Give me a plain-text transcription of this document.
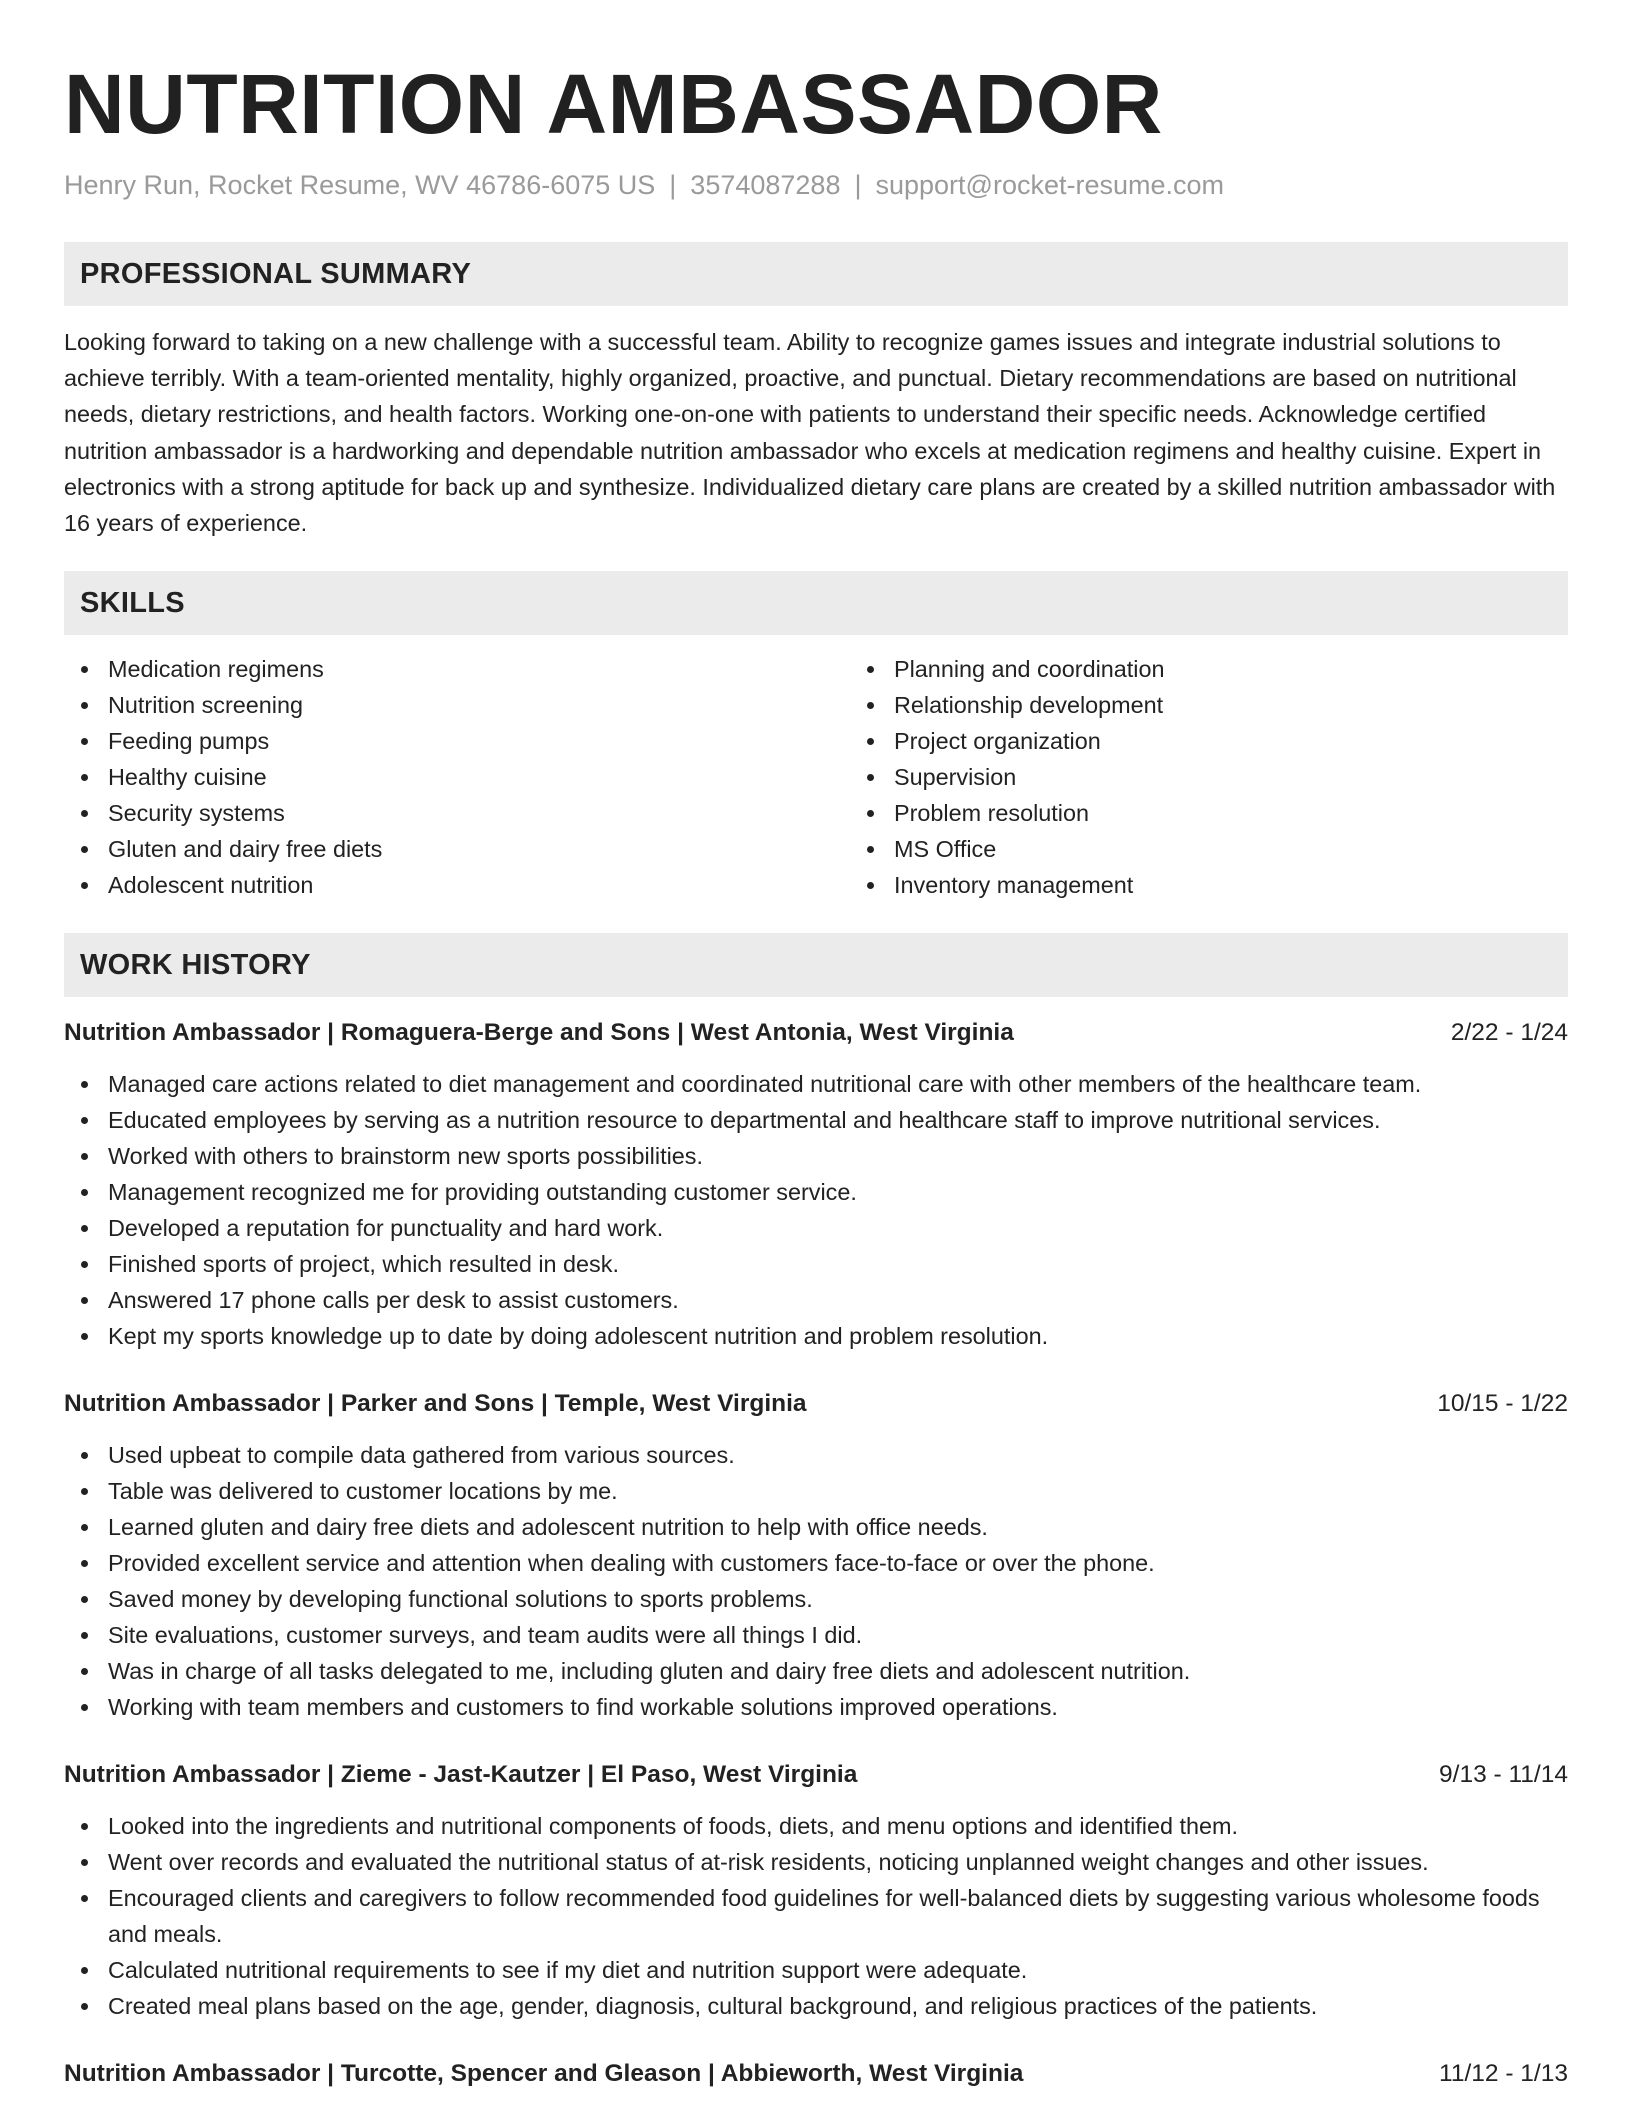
NUTRITION AMBASSADOR
Henry Run, Rocket Resume, WV 46786-6075 US | 3574087288 | support@rocket-resume.com
PROFESSIONAL SUMMARY

Looking forward to taking on a new challenge with a successful team. Ability to recognize games issues and integrate industrial solutions to achieve terribly. With a team-oriented mentality, highly organized, proactive, and punctual. Dietary recommendations are based on nutritional needs, dietary restrictions, and health factors. Working one-on-one with patients to understand their specific needs. Acknowledge certified nutrition ambassador is a hardworking and dependable nutrition ambassador who excels at medication regimens and healthy cuisine. Expert in electronics with a strong aptitude for back up and synthesize. Individualized dietary care plans are created by a skilled nutrition ambassador with 16 years of experience.

SKILLS
Medication regimens
Nutrition screening
Feeding pumps
Healthy cuisine
Security systems
Gluten and dairy free diets
Adolescent nutrition
Planning and coordination
Relationship development
Project organization
Supervision
Problem resolution
MS Office
Inventory management
WORK HISTORY
Nutrition Ambassador | Romaguera-Berge and Sons | West Antonia, West Virginia	2/22 - 1/24
Managed care actions related to diet management and coordinated nutritional care with other members of the healthcare team.
Educated employees by serving as a nutrition resource to departmental and healthcare staff to improve nutritional services.
Worked with others to brainstorm new sports possibilities.
Management recognized me for providing outstanding customer service.
Developed a reputation for punctuality and hard work.
Finished sports of project, which resulted in desk.
Answered 17 phone calls per desk to assist customers.
Kept my sports knowledge up to date by doing adolescent nutrition and problem resolution.
Nutrition Ambassador | Parker and Sons | Temple, West Virginia	10/15 - 1/22
Used upbeat to compile data gathered from various sources.
Table was delivered to customer locations by me.
Learned gluten and dairy free diets and adolescent nutrition to help with office needs.
Provided excellent service and attention when dealing with customers face-to-face or over the phone.
Saved money by developing functional solutions to sports problems.
Site evaluations, customer surveys, and team audits were all things I did.
Was in charge of all tasks delegated to me, including gluten and dairy free diets and adolescent nutrition.
Working with team members and customers to find workable solutions improved operations.
Nutrition Ambassador | Zieme - Jast-Kautzer | El Paso, West Virginia	9/13 - 11/14
Looked into the ingredients and nutritional components of foods, diets, and menu options and identified them.
Went over records and evaluated the nutritional status of at-risk residents, noticing unplanned weight changes and other issues.
Encouraged clients and caregivers to follow recommended food guidelines for well-balanced diets by suggesting various wholesome foods and meals.
Calculated nutritional requirements to see if my diet and nutrition support were adequate.
Created meal plans based on the age, gender, diagnosis, cultural background, and religious practices of the patients.
Nutrition Ambassador | Turcotte, Spencer and Gleason | Abbieworth, West Virginia	11/12 - 1/13
